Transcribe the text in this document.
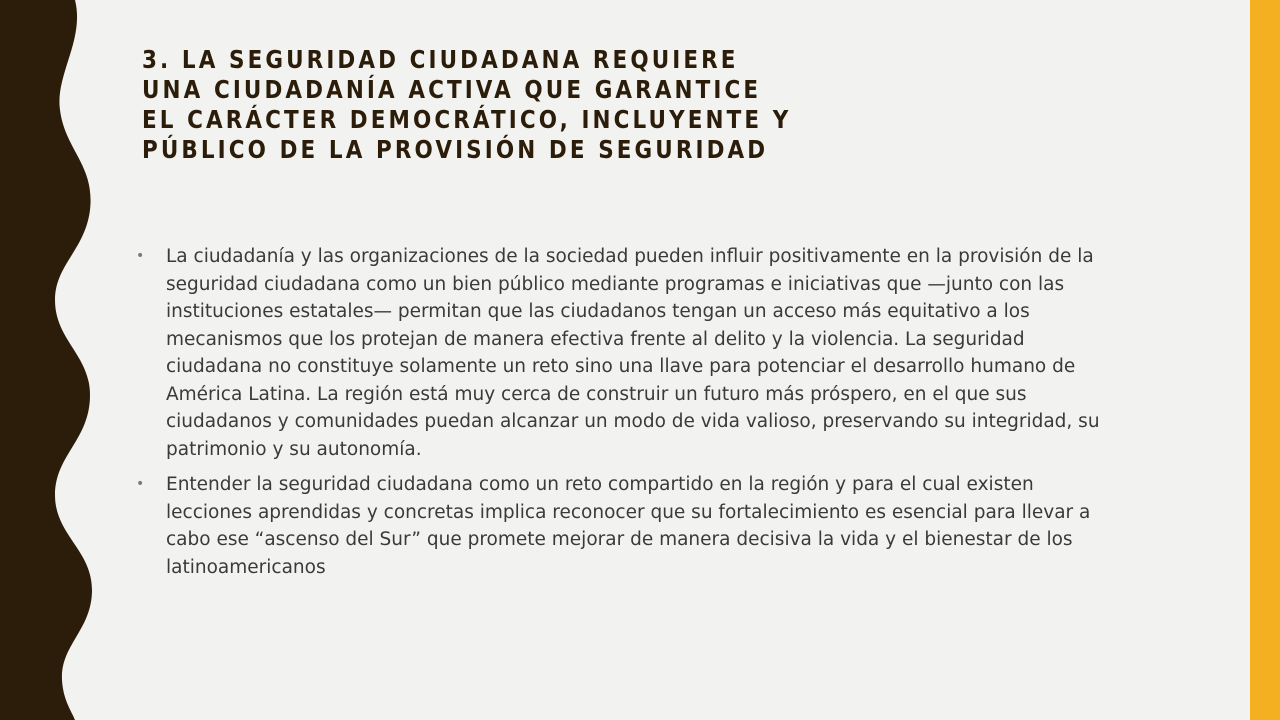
3. LA SEGURIDAD CIUDADANA REQUIERE
UNA CIUDADANÍA ACTIVA QUE GARANTICE
EL CARÁCTER DEMOCRÁTICO, INCLUYENTE Y
PÚBLICO DE LA PROVISIÓN DE SEGURIDAD
• La ciudadanía y las organizaciones de la sociedad pueden influir positivamente en la provisión de la
seguridad ciudadana como un bien público mediante programas e iniciativas que —junto con las
instituciones estatales— permitan que las ciudadanos tengan un acceso más equitativo a los
mecanismos que los protejan de manera efectiva frente al delito y la violencia. La seguridad
ciudadana no constituye solamente un reto sino una llave para potenciar el desarrollo humano de
América Latina. La región está muy cerca de construir un futuro más próspero, en el que sus
ciudadanos y comunidades puedan alcanzar un modo de vida valioso, preservando su integridad, su
patrimonio y su autonomía.
• Entender la seguridad ciudadana como un reto compartido en la región y para el cual existen
lecciones aprendidas y concretas implica reconocer que su fortalecimiento es esencial para llevar a
cabo ese “ascenso del Sur” que promete mejorar de manera decisiva la vida y el bienestar de los
latinoamericanos
